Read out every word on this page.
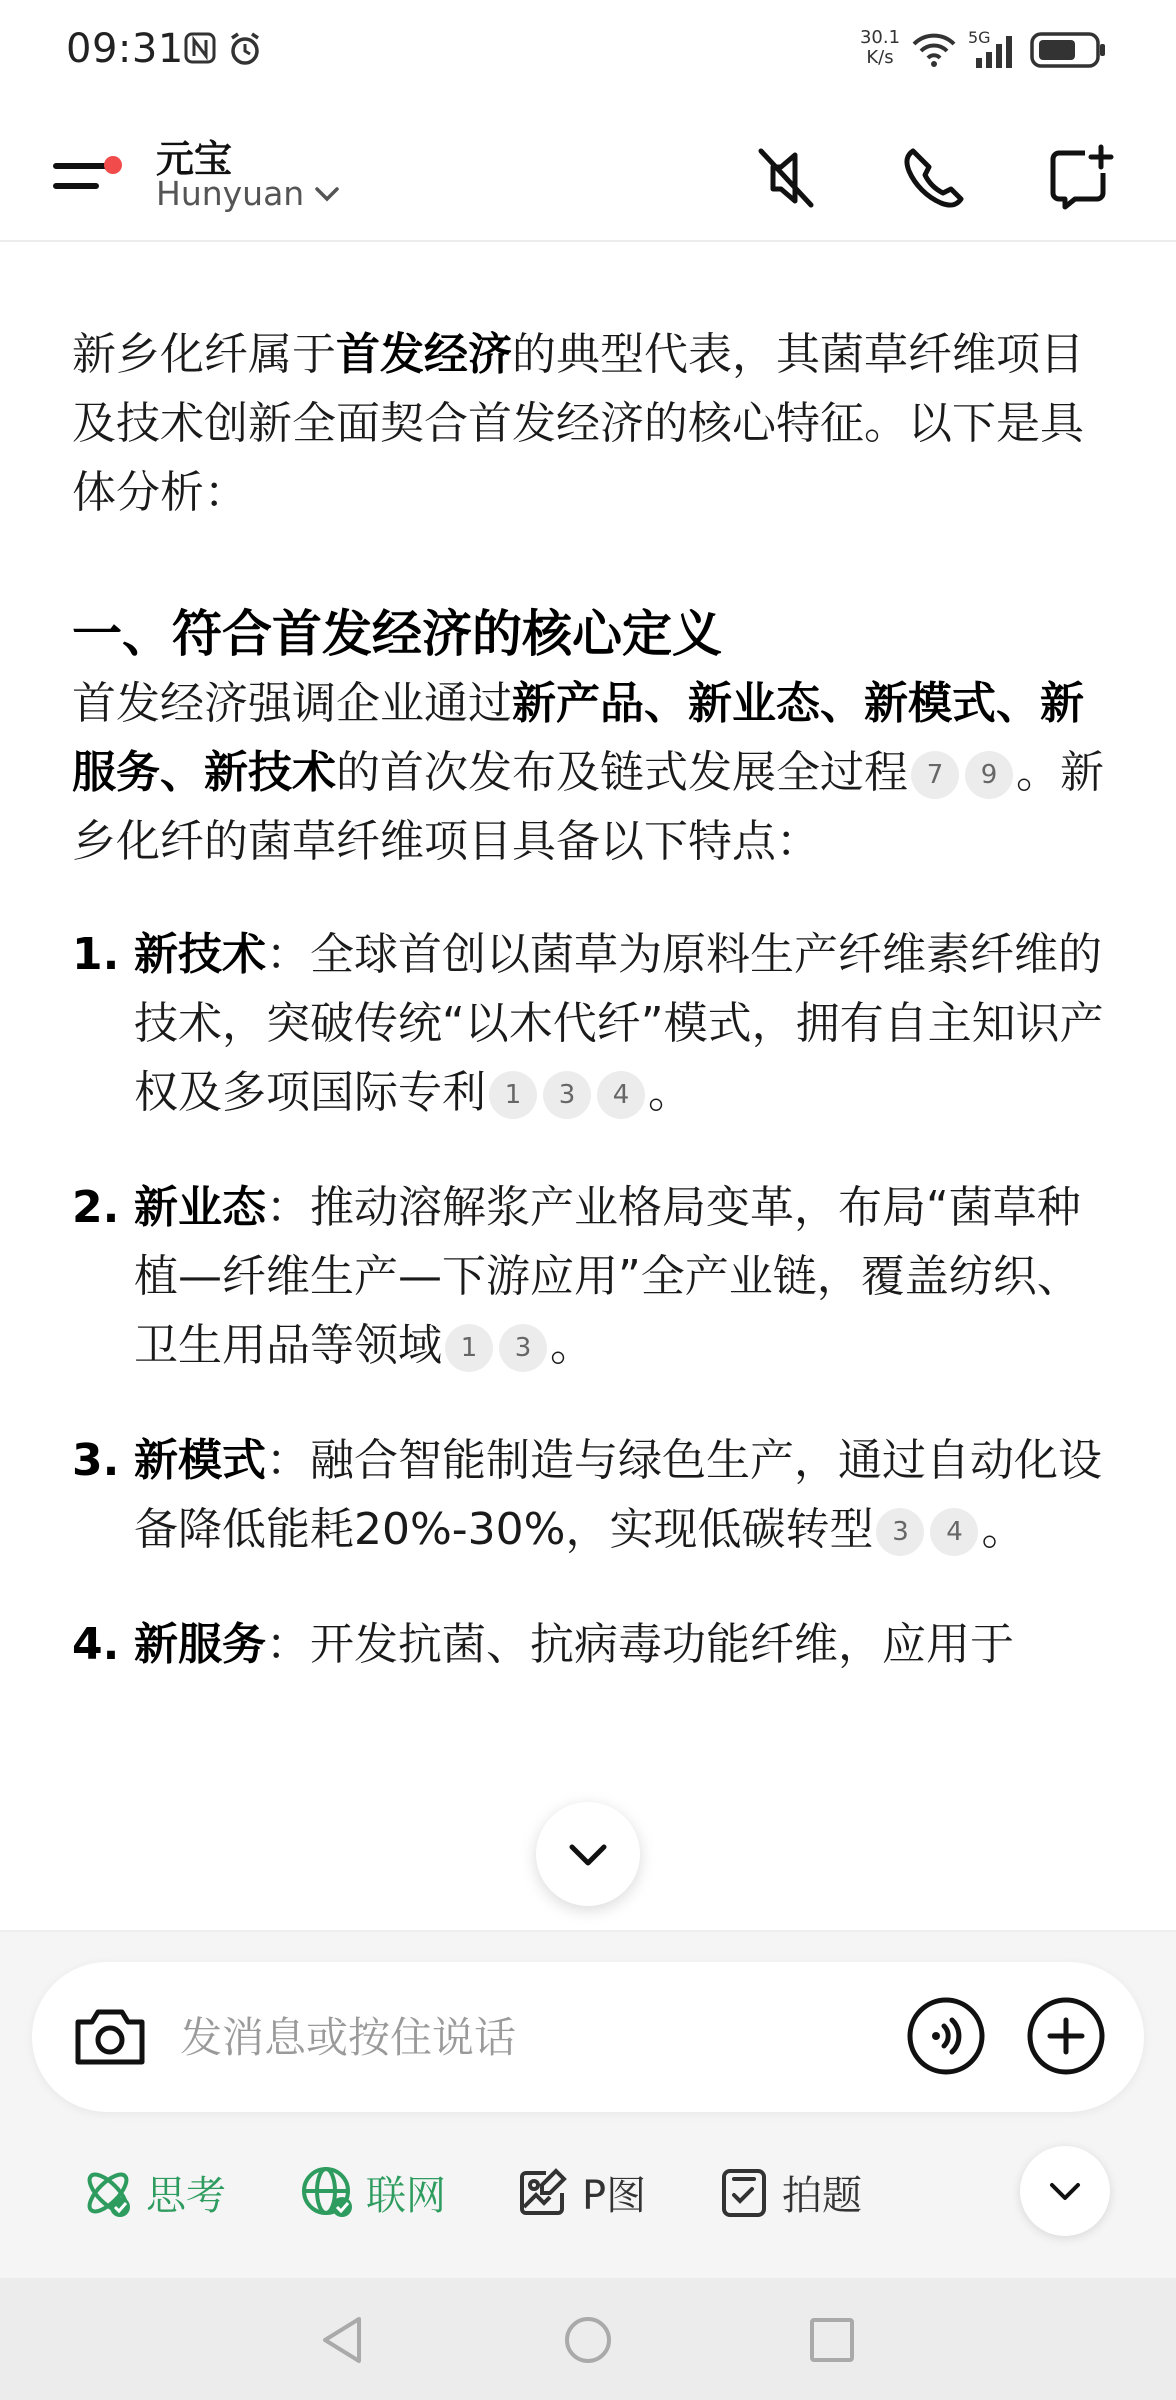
09:31	30.1
K/s
5G
元宝
Hunyuan

新乡化纤属于首发经济的典型代表，其菌草纤维项目及技术创新全面契合首发经济的核心特征。以下是具体分析：

一、符合首发经济的核心定义

首发经济强调企业通过新产品、新业态、新模式、新服务、新技术的首次发布及链式发展全过程 7 9 。新乡化纤的菌草纤维项目具备以下特点：

1. 新技术：全球首创以菌草为原料生产纤维素纤维的技术，突破传统“以木代纤”模式，拥有自主知识产权及多项国际专利 1 3 4 。
2. 新业态：推动溶解浆产业格局变革，布局“菌草种植—纤维生产—下游应用”全产业链，覆盖纺织、卫生用品等领域 1 3 。
3. 新模式：融合智能制造与绿色生产，通过自动化设备降低能耗20%-30%，实现低碳转型 3 4 。
4. 新服务：开发抗菌、抗病毒功能纤维，应用于
发消息或按住说话
思考	联网	P图	拍题
